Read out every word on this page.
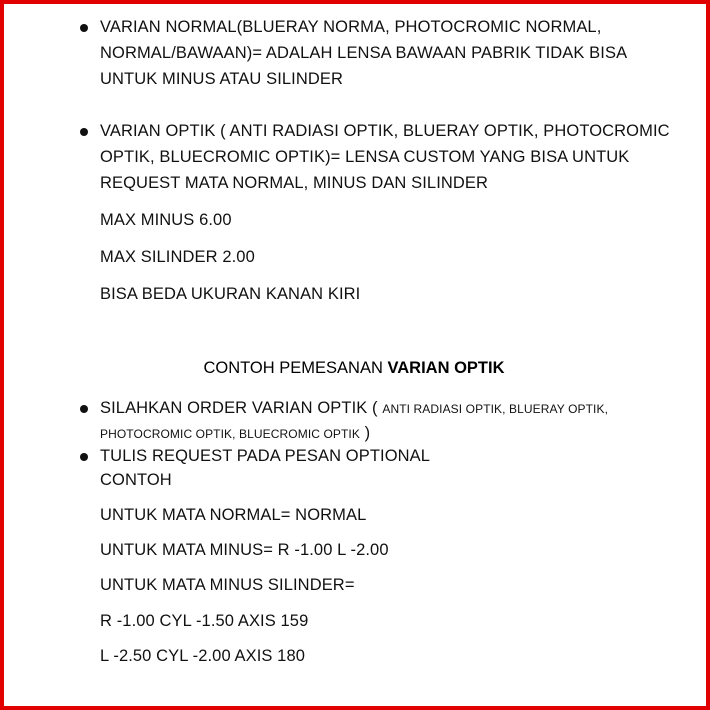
VARIAN NORMAL(BLUERAY NORMA, PHOTOCROMIC NORMAL,
NORMAL/BAWAAN)= ADALAH LENSA BAWAAN PABRIK TIDAK BISA
UNTUK MINUS ATAU SILINDER
VARIAN OPTIK ( ANTI RADIASI OPTIK, BLUERAY OPTIK, PHOTOCROMIC
OPTIK, BLUECROMIC OPTIK)= LENSA CUSTOM YANG BISA UNTUK
REQUEST MATA NORMAL, MINUS DAN SILINDER
MAX MINUS 6.00
MAX SILINDER 2.00
BISA BEDA UKURAN KANAN KIRI
CONTOH PEMESANAN VARIAN OPTIK
SILAHKAN ORDER VARIAN OPTIK ( ANTI RADIASI OPTIK, BLUERAY OPTIK,
PHOTOCROMIC OPTIK, BLUECROMIC OPTIK )
TULIS REQUEST PADA PESAN OPTIONAL
CONTOH
UNTUK MATA NORMAL= NORMAL
UNTUK MATA MINUS= R -1.00 L -2.00
UNTUK MATA MINUS SILINDER=
R -1.00 CYL -1.50 AXIS 159
L -2.50 CYL -2.00 AXIS 180
